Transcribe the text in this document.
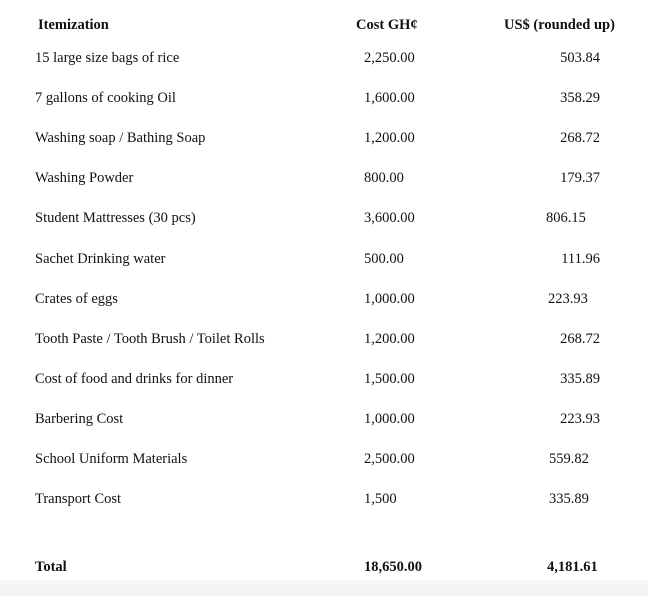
Itemization	Cost GH¢	US$ (rounded up)
15 large size bags of rice	2,250.00	503.84
7 gallons of cooking Oil	1,600.00	358.29
Washing soap / Bathing Soap	1,200.00	268.72
Washing Powder	800.00	179.37
Student Mattresses (30 pcs)	3,600.00	806.15
Sachet Drinking water	500.00	111.96
Crates of eggs	1,000.00	223.93
Tooth Paste / Tooth Brush / Toilet Rolls	1,200.00	268.72
Cost of food and drinks for dinner	1,500.00	335.89
Barbering Cost	1,000.00	223.93
School Uniform Materials	2,500.00	559.82
Transport Cost	1,500	335.89
Total	18,650.00	4,181.61
